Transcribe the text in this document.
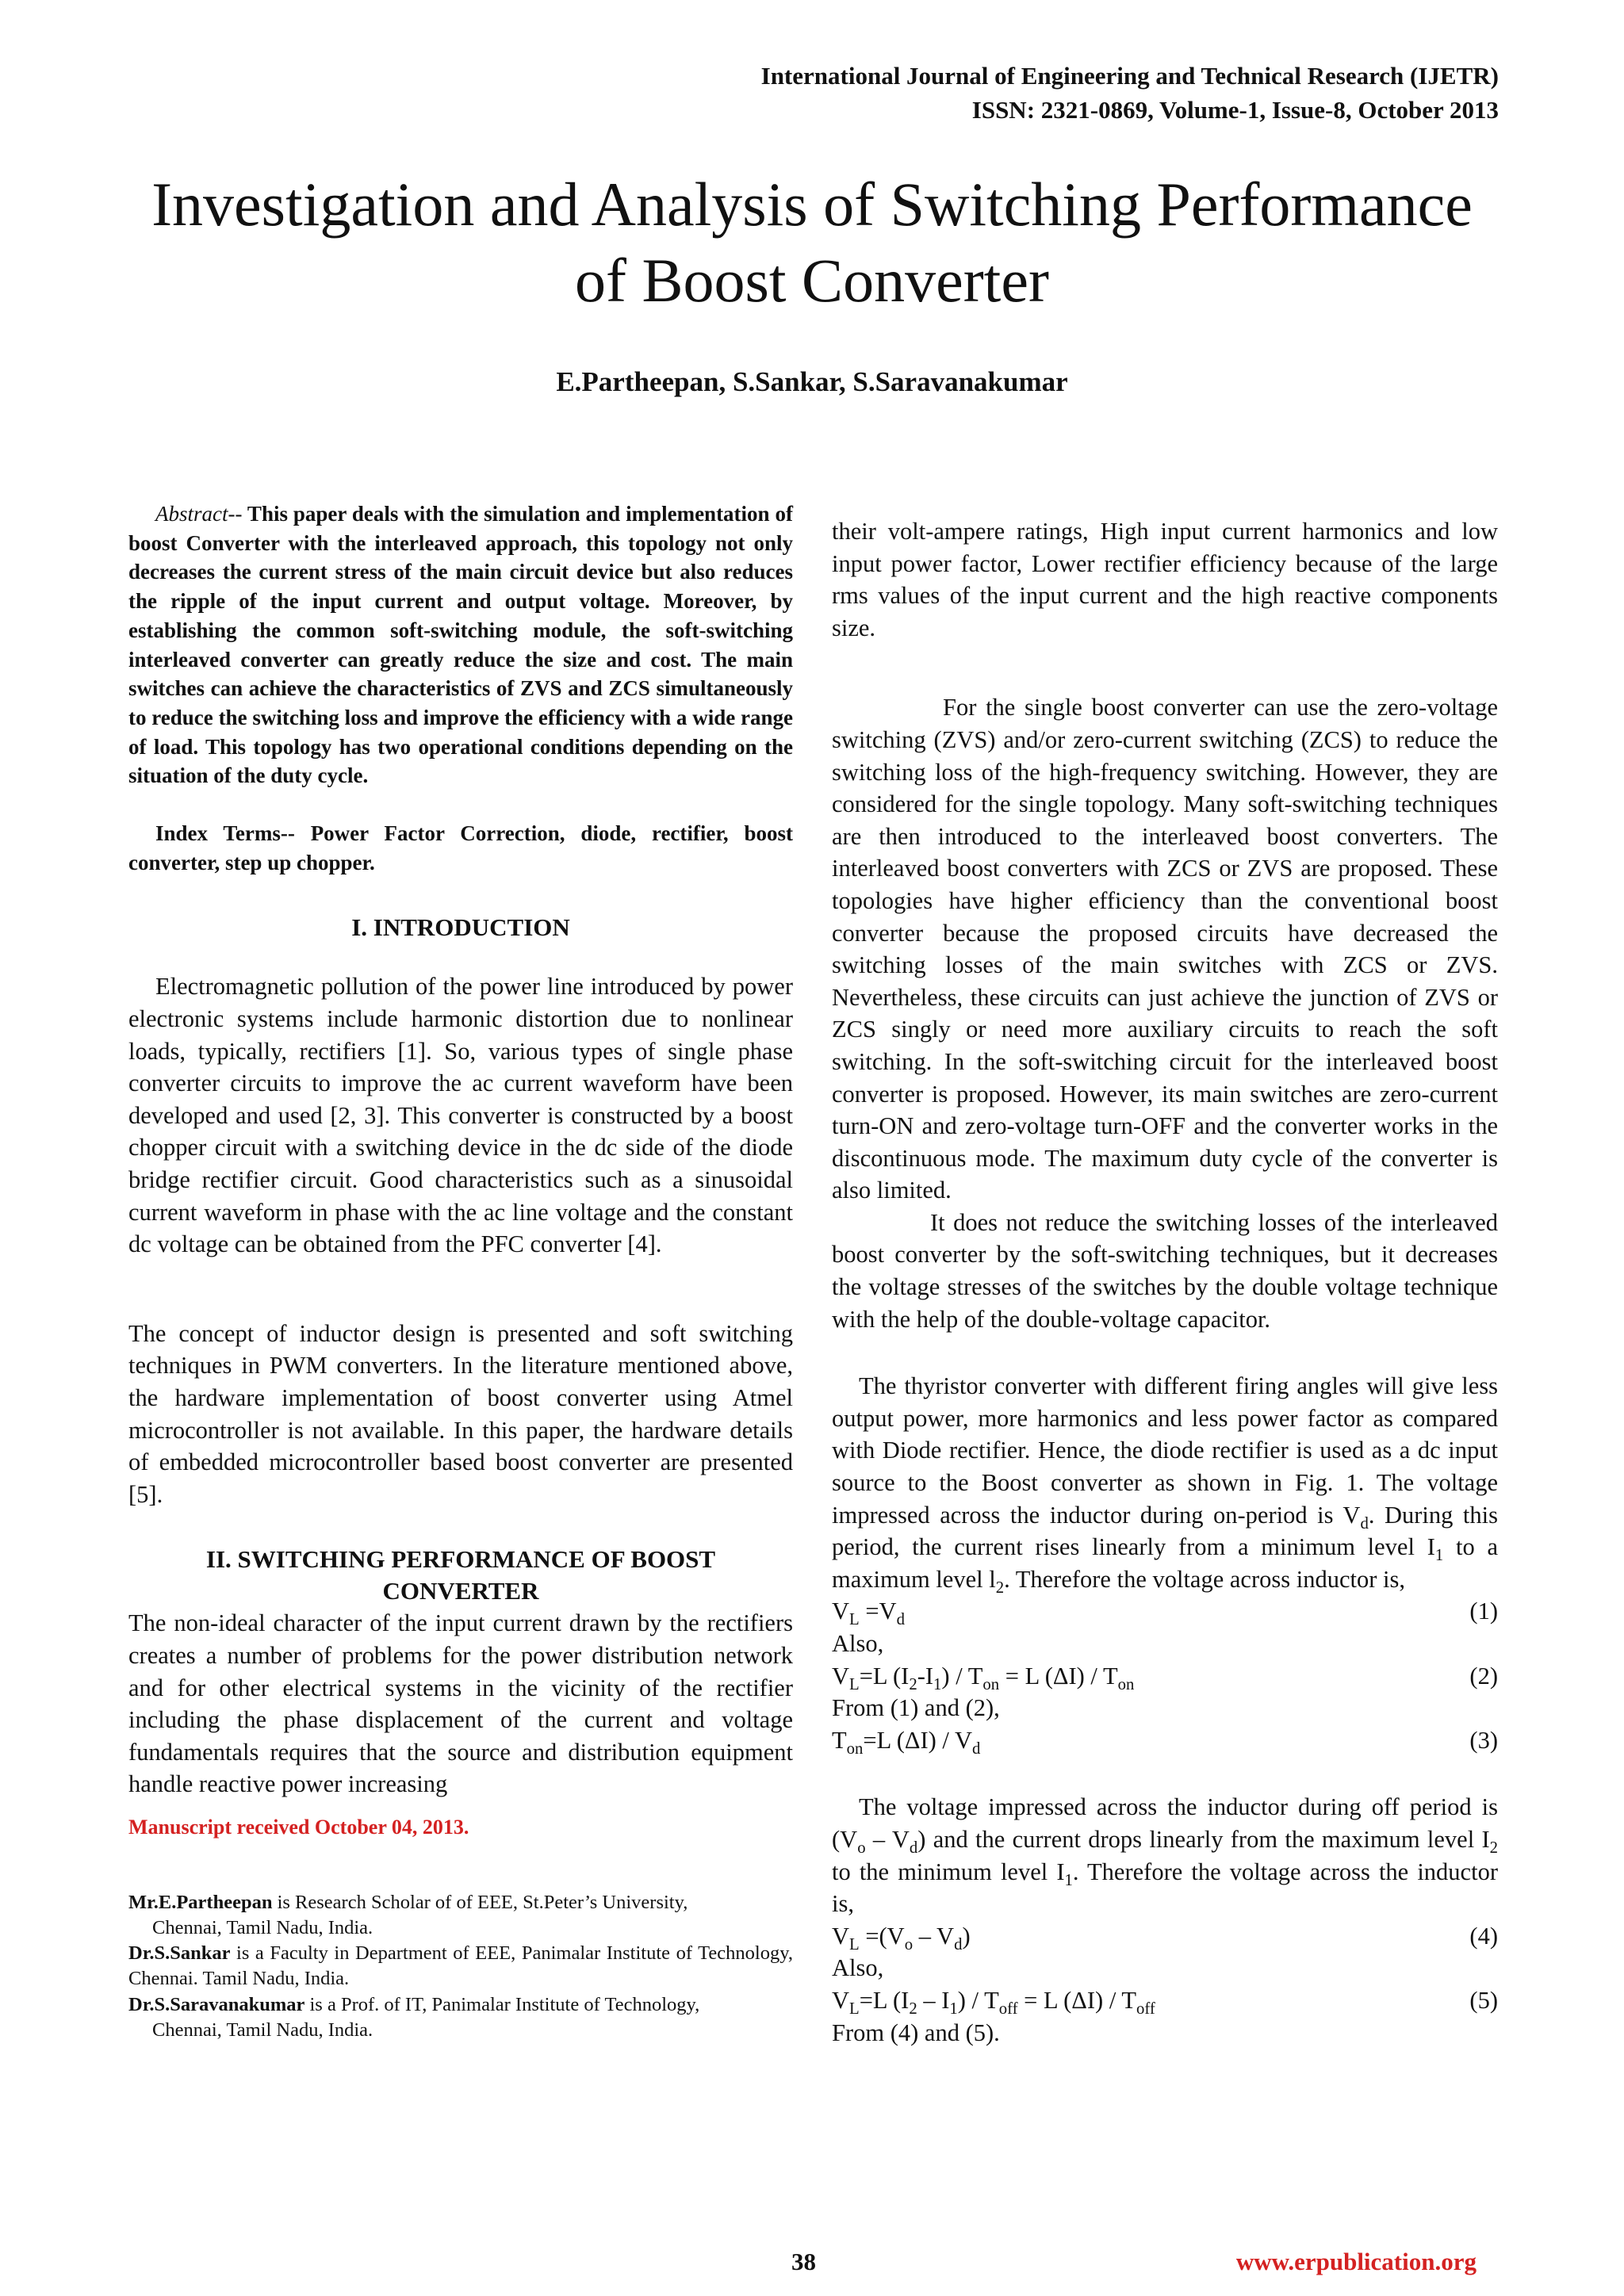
International Journal of Engineering and Technical Research (IJETR)
ISSN: 2321-0869, Volume-1, Issue-8, October 2013
Investigation and Analysis of Switching Performance
of Boost Converter
E.Partheepan, S.Sankar, S.Saravanakumar

Abstract-- This paper deals with the simulation and implementation of boost Converter with the interleaved approach, this topology not only decreases the current stress of the main circuit device but also reduces the ripple of the input current and output voltage. Moreover, by establishing the common soft-switching module, the soft-switching interleaved converter can greatly reduce the size and cost. The main switches can achieve the characteristics of ZVS and ZCS simultaneously to reduce the switching loss and improve the efficiency with a wide range of load. This topology has two operational conditions depending on the situation of the duty cycle.

Index Terms-- Power Factor Correction, diode, rectifier, boost converter, step up chopper.

I. INTRODUCTION

Electromagnetic pollution of the power line introduced by power electronic systems include harmonic distortion due to nonlinear loads, typically, rectifiers [1]. So, various types of single phase converter circuits to improve the ac current waveform have been developed and used [2, 3]. This converter is constructed by a boost chopper circuit with a switching device in the dc side of the diode bridge rectifier circuit. Good characteristics such as a sinusoidal current waveform in phase with the ac line voltage and the constant dc voltage can be obtained from the PFC converter [4].

The concept of inductor design is presented and soft switching techniques in PWM converters. In the literature mentioned above, the hardware implementation of boost converter using Atmel microcontroller is not available. In this paper, the hardware details of embedded microcontroller based boost converter are presented [5].

II. SWITCHING PERFORMANCE OF BOOST
CONVERTER

The non-ideal character of the input current drawn by the rectifiers creates a number of problems for the power distribution network and for other electrical systems in the vicinity of the rectifier including the phase displacement of the current and voltage fundamentals requires that the source and distribution equipment handle reactive power increasing

Manuscript received October 04, 2013.

Mr.E.Partheepan is Research Scholar of of EEE, St.Peter’s University,

Chennai, Tamil Nadu, India.

Dr.S.Sankar is a Faculty in Department of EEE, Panimalar Institute of Technology, Chennai. Tamil Nadu, India.

Dr.S.Saravanakumar is a Prof. of IT, Panimalar Institute of Technology,

Chennai, Tamil Nadu, India.

their volt-ampere ratings, High input current harmonics and low input power factor, Lower rectifier efficiency because of the large rms values of the input current and the high reactive components size.

For the single boost converter can use the zero-voltage switching (ZVS) and/or zero-current switching (ZCS) to reduce the switching loss of the high-frequency switching. However, they are considered for the single topology. Many soft-switching techniques are then introduced to the interleaved boost converters. The interleaved boost converters with ZCS or ZVS are proposed. These topologies have higher efficiency than the conventional boost converter because the proposed circuits have decreased the switching losses of the main switches with ZCS or ZVS. Nevertheless, these circuits can just achieve the junction of ZVS or ZCS singly or need more auxiliary circuits to reach the soft switching. In the soft-switching circuit for the interleaved boost converter is proposed. However, its main switches are zero-current turn-ON and zero-voltage turn-OFF and the converter works in the discontinuous mode. The maximum duty cycle of the converter is also limited.

It does not reduce the switching losses of the interleaved boost converter by the soft-switching techniques, but it decreases the voltage stresses of the switches by the double voltage technique with the help of the double-voltage capacitor.

The thyristor converter with different firing angles will give less output power, more harmonics and less power factor as compared with Diode rectifier. Hence, the diode rectifier is used as a dc input source to the Boost converter as shown in Fig. 1. The voltage impressed across the inductor during on-period is $V_d$. During this period, the current rises linearly from a minimum level $I_1$ to a maximum level $l_2$. Therefore the voltage across inductor is,

$V_L =V_d$	(1)
Also,
$V_L=L$ $(I_2-I_1) / T_{on} = L$ $(\Delta I) / T_{on}$	(2)
From (1) and (2),
$T_{on}=L$ $(\Delta I) / V_d$	(3)

The voltage impressed across the inductor during off period is $(V_o - V_d)$ and the current drops linearly from the maximum level $I_2$ to the minimum level $I_1$. Therefore the voltage across the inductor is,

$V_L =(V_o - V_d)$	(4)
Also,
$V_L=L$ $(I_2 - I_1) / T_{off} = L$ $(\Delta I) / T_{off}$	(5)
From (4) and (5).
38	www.erpublication.org
